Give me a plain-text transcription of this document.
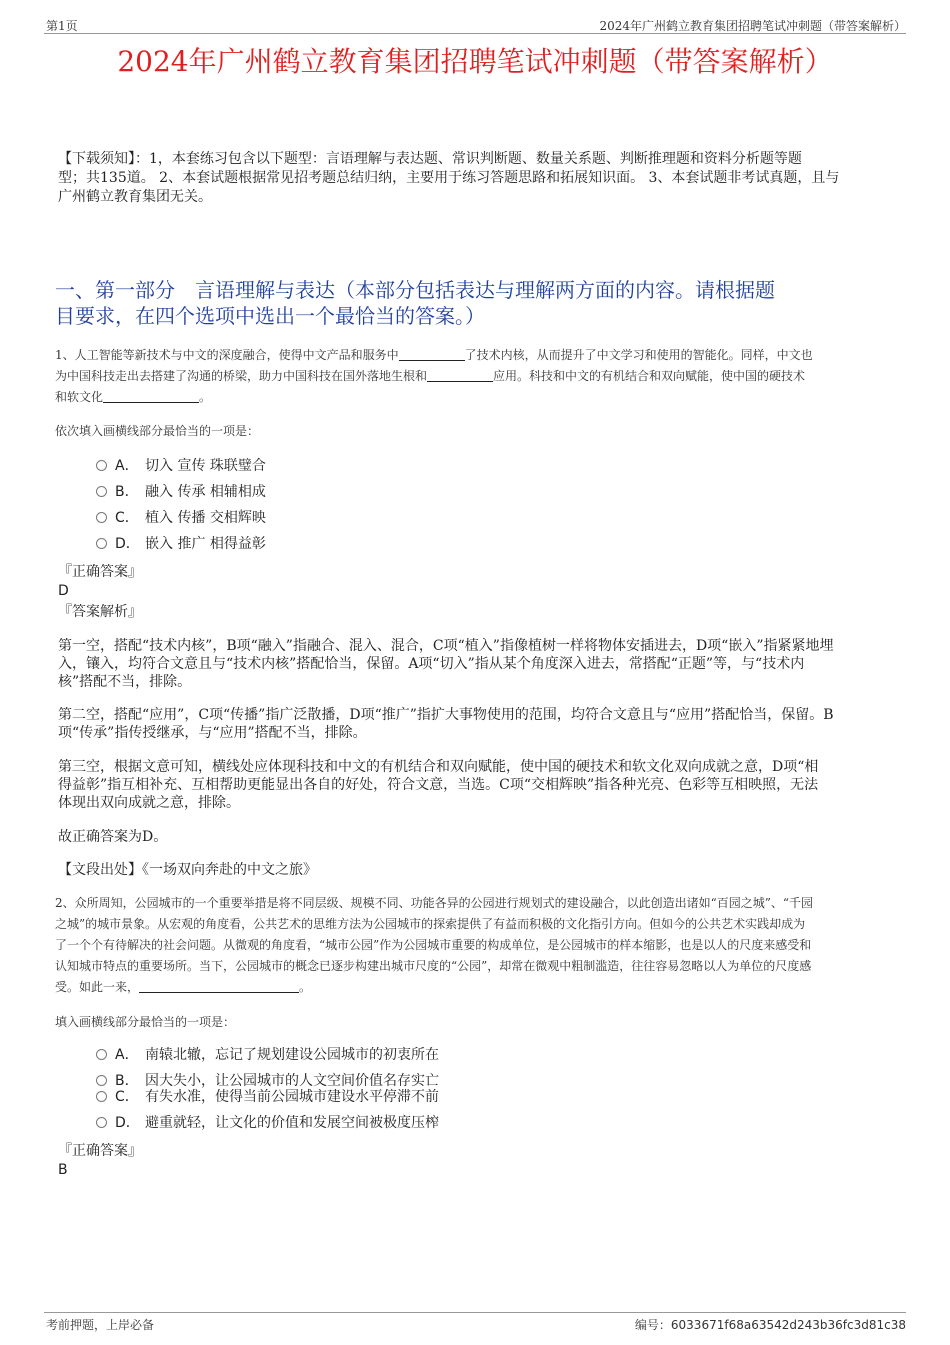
第1页	2024年广州鹤立教育集团招聘笔试冲刺题（带答案解析）
2024年广州鹤立教育集团招聘笔试冲刺题（带答案解析）
【下载须知】：1，本套练习包含以下题型：言语理解与表达题、常识判断题、数量关系题、判断推理题和资料分析题等题
型；共135道。 2、本套试题根据常见招考题总结归纳，主要用于练习答题思路和拓展知识面。 3、本套试题非考试真题，且与
广州鹤立教育集团无关。
一、第一部分　言语理解与表达（本部分包括表达与理解两方面的内容。请根据题
目要求，在四个选项中选出一个最恰当的答案。）
1、人工智能等新技术与中文的深度融合，使得中文产品和服务中	了技术内核，从而提升了中文学习和使用的智能化。同样，中文也
为中国科技走出去搭建了沟通的桥梁，助力中国科技在国外落地生根和	应用。科技和中文的有机结合和双向赋能，使中国的硬技术
和软文化	。
依次填入画横线部分最恰当的一项是：
A． 切入 宣传 珠联璧合
B． 融入 传承 相辅相成
C． 植入 传播 交相辉映
D． 嵌入 推广 相得益彰
『正确答案』
D
『答案解析』
第一空，搭配“技术内核”，B项“融入”指融合、混入、混合，C项“植入”指像植树一样将物体安插进去，D项“嵌入”指紧紧地埋
入，镶入，均符合文意且与“技术内核”搭配恰当，保留。A项“切入”指从某个角度深入进去，常搭配“正题”等，与“技术内
核”搭配不当，排除。
第二空，搭配“应用”，C项“传播”指广泛散播，D项“推广”指扩大事物使用的范围，均符合文意且与“应用”搭配恰当，保留。B
项“传承”指传授继承，与“应用”搭配不当，排除。
第三空，根据文意可知，横线处应体现科技和中文的有机结合和双向赋能，使中国的硬技术和软文化双向成就之意，D项“相
得益彰”指互相补充、互相帮助更能显出各自的好处，符合文意，当选。C项“交相辉映”指各种光亮、色彩等互相映照，无法
体现出双向成就之意，排除。
故正确答案为D。
【文段出处】《一场双向奔赴的中文之旅》
2、众所周知，公园城市的一个重要举措是将不同层级、规模不同、功能各异的公园进行规划式的建设融合，以此创造出诸如“百园之城”、“千园
之城”的城市景象。从宏观的角度看，公共艺术的思维方法为公园城市的探索提供了有益而积极的文化指引方向。但如今的公共艺术实践却成为
了一个个有待解决的社会问题。从微观的角度看，“城市公园”作为公园城市重要的构成单位，是公园城市的样本缩影，也是以人的尺度来感受和
认知城市特点的重要场所。当下，公园城市的概念已逐步构建出城市尺度的“公园”，却常在微观中粗制滥造，往往容易忽略以人为单位的尺度感
受。如此一来，	。
填入画横线部分最恰当的一项是：
A． 南辕北辙，忘记了规划建设公园城市的初衷所在
B． 因大失小，让公园城市的人文空间价值名存实亡
C． 有失水准，使得当前公园城市建设水平停滞不前
D． 避重就轻，让文化的价值和发展空间被极度压榨
『正确答案』
B
考前押题，上岸必备	编号：6033671f68a63542d243b36fc3d81c38
